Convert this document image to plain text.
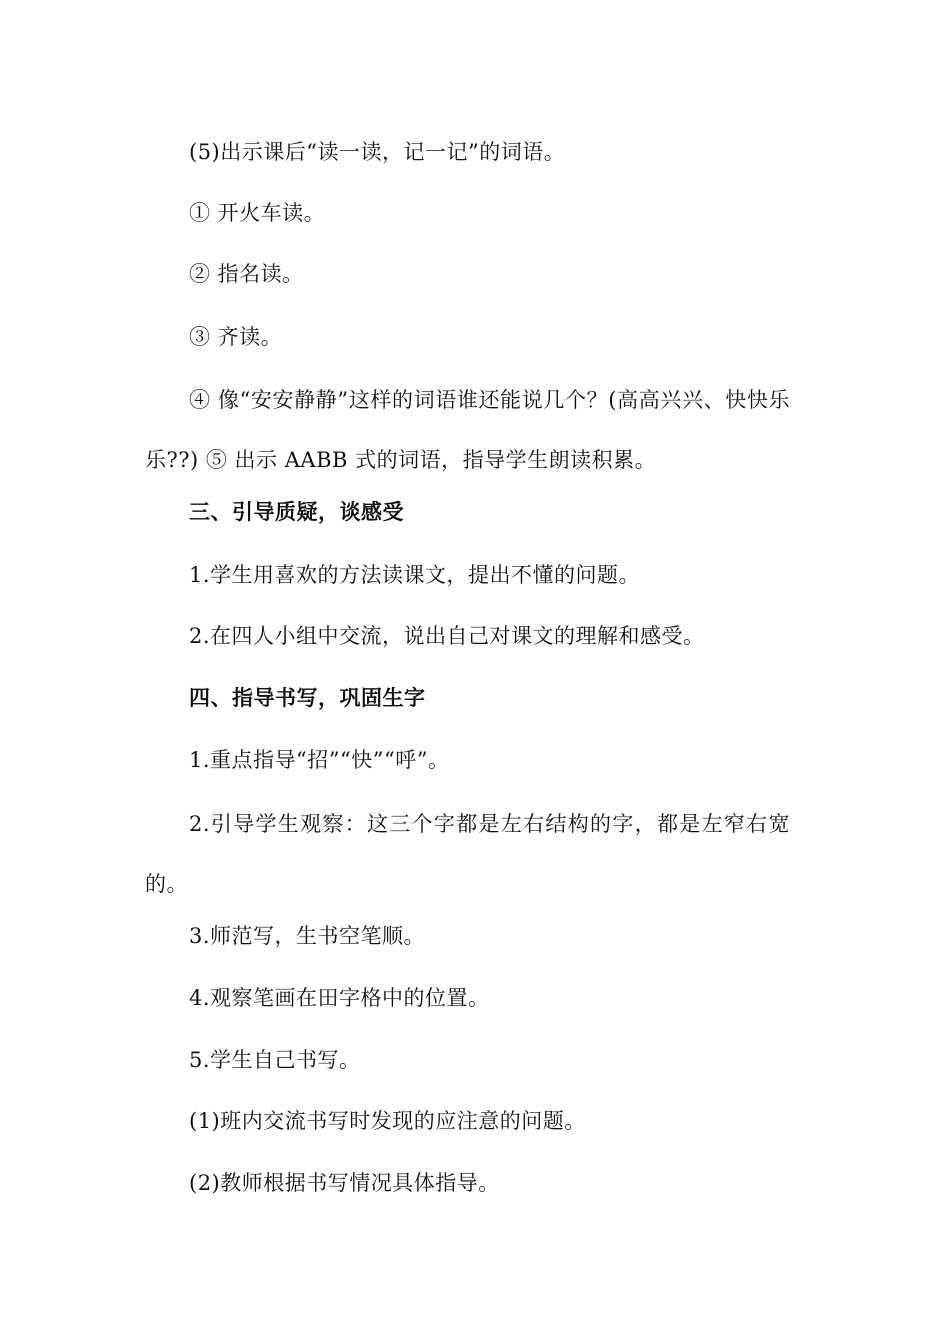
(5)出示课后“读一读，记一记”的词语。
① 开火车读。
② 指名读。
③ 齐读。
④ 像“安安静静”这样的词语谁还能说几个？(高高兴兴、快快乐乐??) ⑤ 出示 AABB 式的词语，指导学生朗读积累。
三、引导质疑，谈感受
1.学生用喜欢的方法读课文，提出不懂的问题。
2.在四人小组中交流，说出自己对课文的理解和感受。
四、指导书写，巩固生字
1.重点指导“招”“快”“呼”。
2.引导学生观察：这三个字都是左右结构的字，都是左窄右宽的。
3.师范写，生书空笔顺。
4.观察笔画在田字格中的位置。
5.学生自己书写。
(1)班内交流书写时发现的应注意的问题。
(2)教师根据书写情况具体指导。
